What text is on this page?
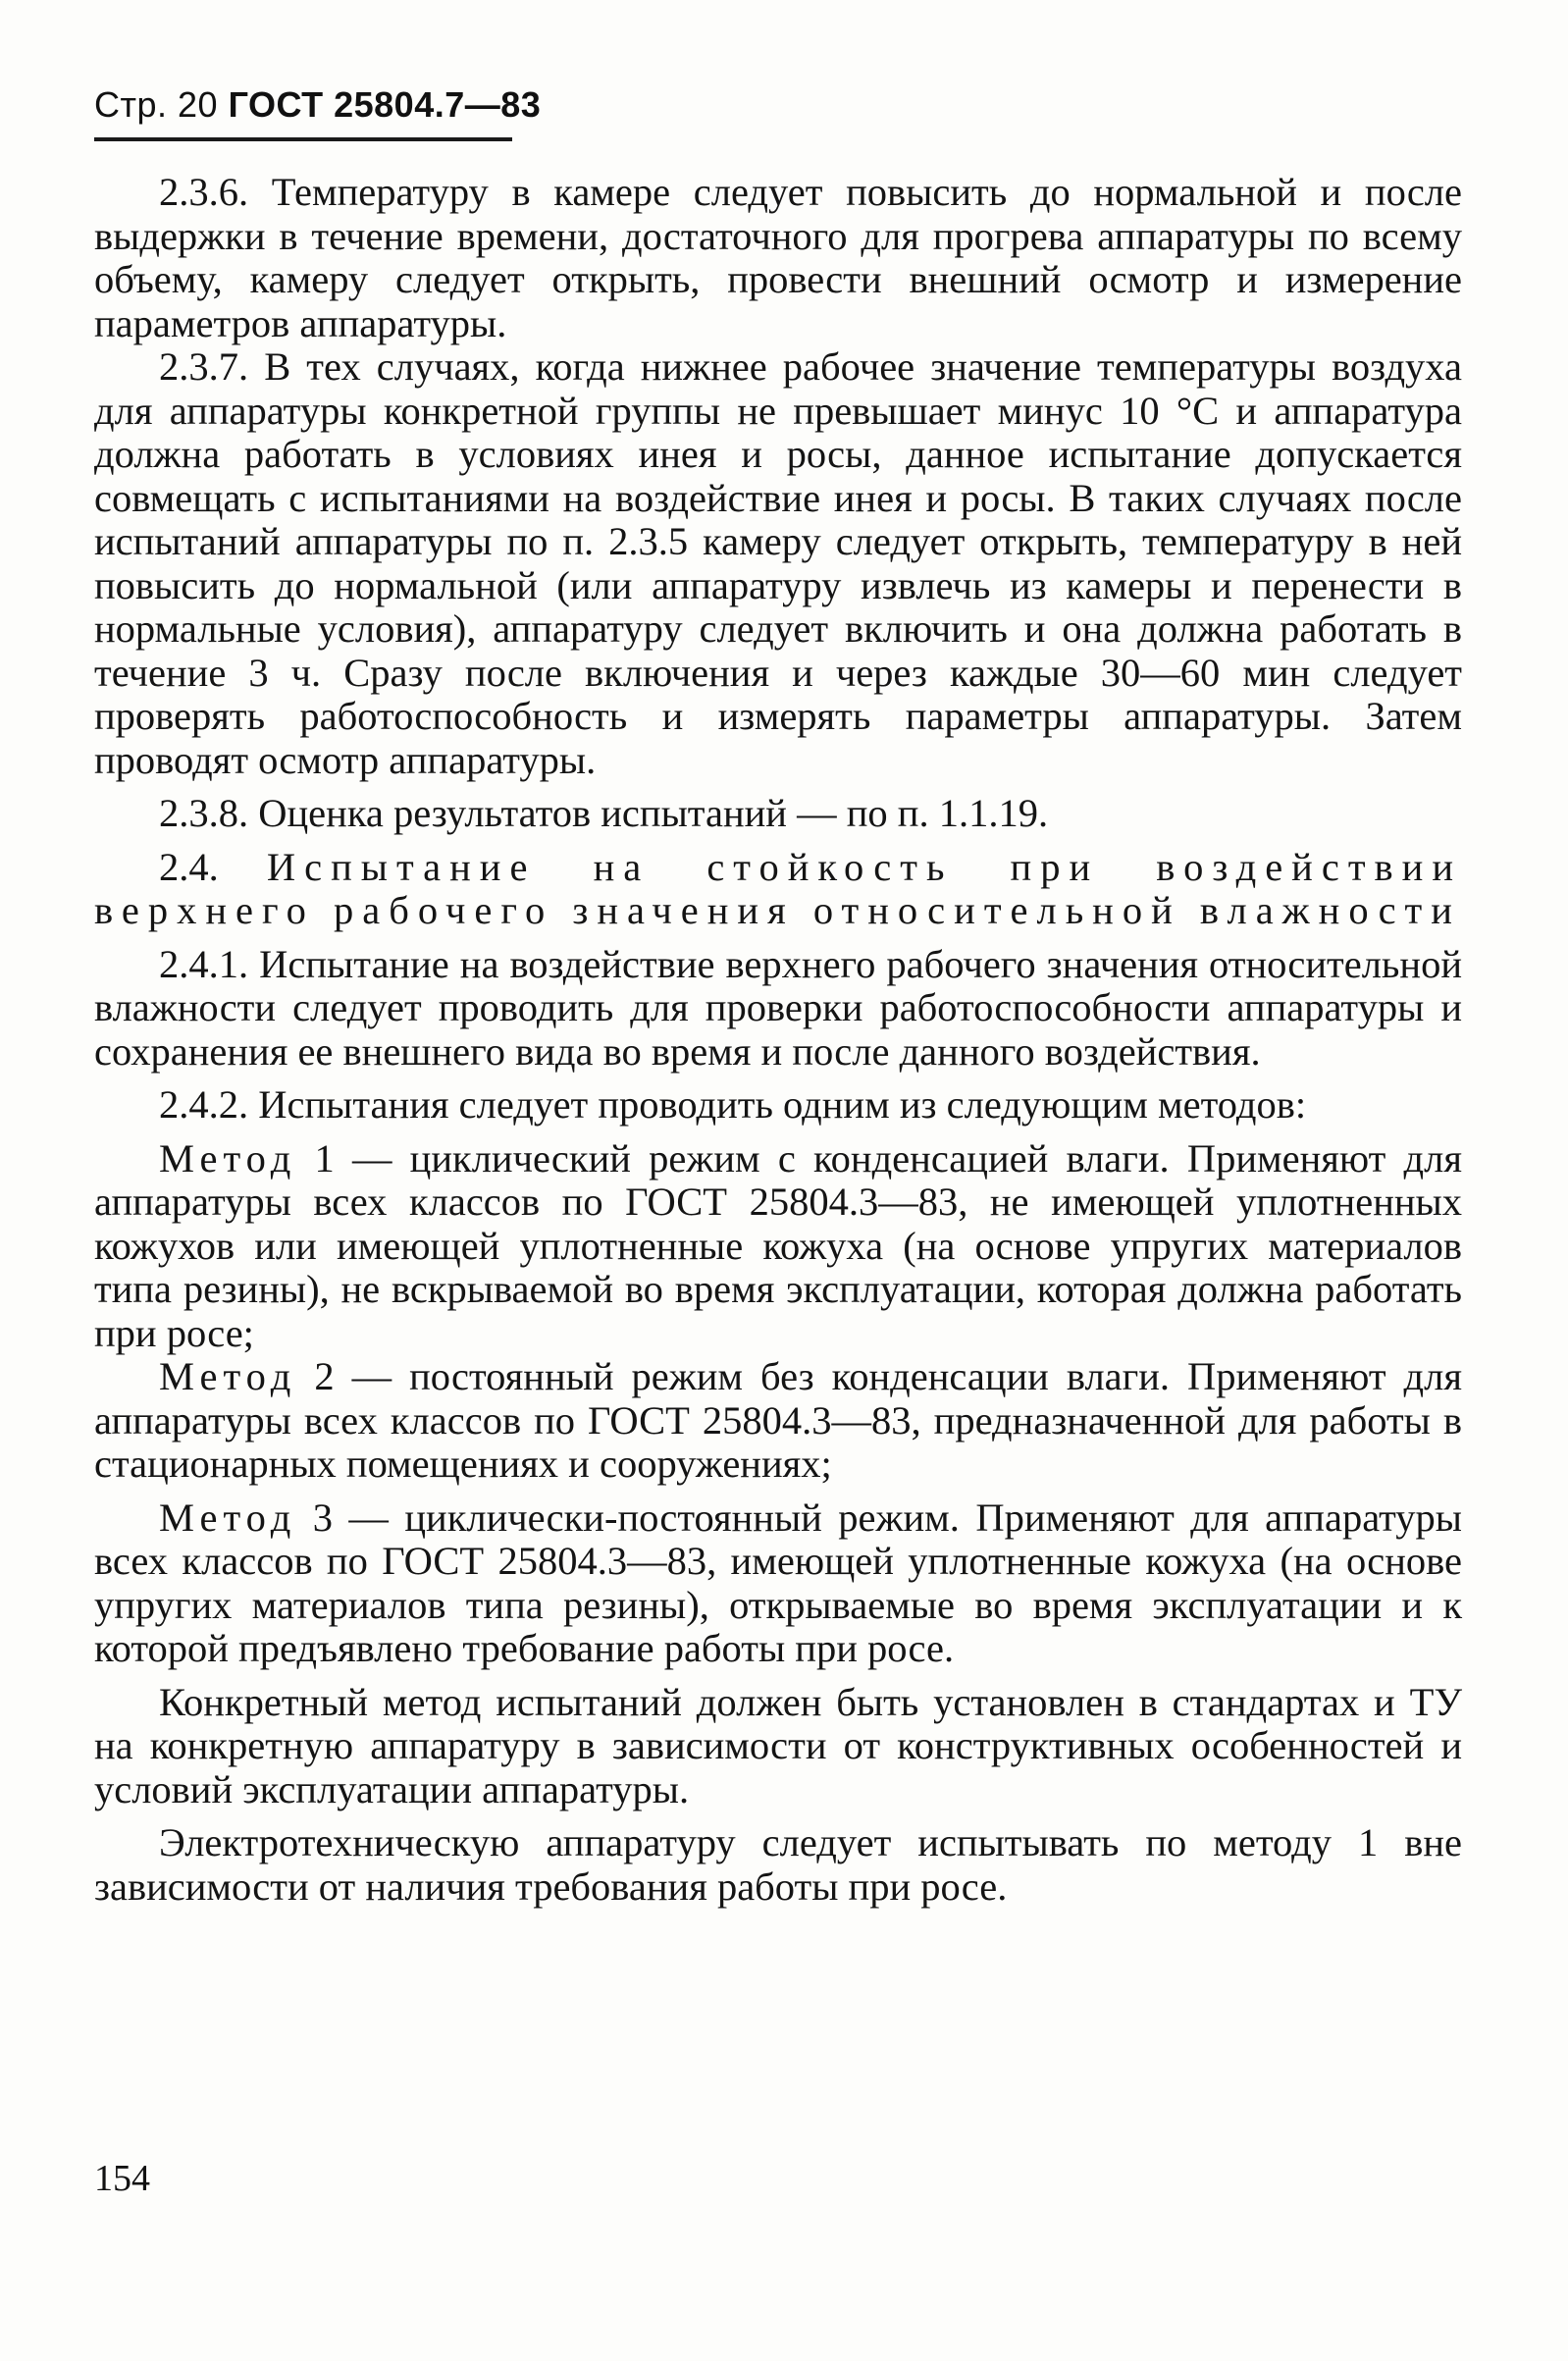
Стр. 20 ГОСТ 25804.7—83

2.3.6. Температуру в камере следует повысить до нормальной и после выдержки в течение времени, достаточного для прогрева аппаратуры по всему объему, камеру следует открыть, провести внешний осмотр и измерение параметров аппаратуры.

2.3.7. В тех случаях, когда нижнее рабочее значение температуры воздуха для аппаратуры конкретной группы не превышает минус 10 °С и аппаратура должна работать в условиях инея и росы, данное испытание допускается совмещать с испытаниями на воздействие инея и росы. В таких случаях после испытаний аппаратуры по п. 2.3.5 камеру следует открыть, температуру в ней повысить до нормальной (или аппаратуру извлечь из камеры и перенести в нормальные условия), аппаратуру следует включить и она должна работать в течение 3 ч. Сразу после включения и через каждые 30—60 мин следует проверять работоспособность и измерять параметры аппаратуры. Затем проводят осмотр аппаратуры.

2.3.8. Оценка результатов испытаний — по п. 1.1.19.

2.4. Испытание на стойкость при воздействии верхнего рабочего значения относительной влажности

2.4.1. Испытание на воздействие верхнего рабочего значения относительной влажности следует проводить для проверки работоспособности аппаратуры и сохранения ее внешнего вида во время и после данного воздействия.

2.4.2. Испытания следует проводить одним из следующим методов:

Метод 1 — циклический режим с конденсацией влаги. Применяют для аппаратуры всех классов по ГОСТ 25804.3—83, не имеющей уплотненных кожухов или имеющей уплотненные кожуха (на основе упругих материалов типа резины), не вскрываемой во время эксплуатации, которая должна работать при росе;

Метод 2 — постоянный режим без конденсации влаги. Применяют для аппаратуры всех классов по ГОСТ 25804.3—83, предназначенной для работы в стационарных помещениях и сооружениях;

Метод 3 — циклически-постоянный режим. Применяют для аппаратуры всех классов по ГОСТ 25804.3—83, имеющей уплотненные кожуха (на основе упругих материалов типа резины), открываемые во время эксплуатации и к которой предъявлено требование работы при росе.

Конкретный метод испытаний должен быть установлен в стандартах и ТУ на конкретную аппаратуру в зависимости от конструктивных особенностей и условий эксплуатации аппаратуры.

Электротехническую аппаратуру следует испытывать по методу 1 вне зависимости от наличия требования работы при росе.

154
